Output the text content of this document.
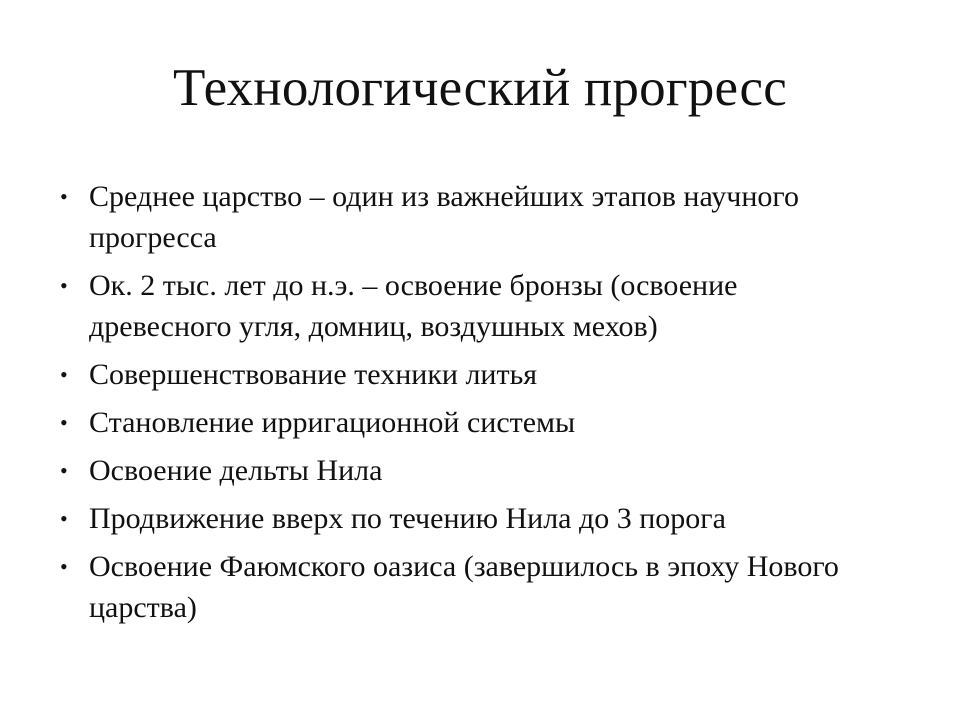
Технологический прогресс
• Среднее царство – один из важнейших этапов научного прогресса
• Ок. 2 тыс. лет до н.э. – освоение бронзы (освоение древесного угля, домниц, воздушных мехов)
• Совершенствование техники литья
• Становление ирригационной системы
• Освоение дельты Нила
• Продвижение вверх по течению Нила до 3 порога
• Освоение Фаюмского оазиса (завершилось в эпоху Нового царства)
